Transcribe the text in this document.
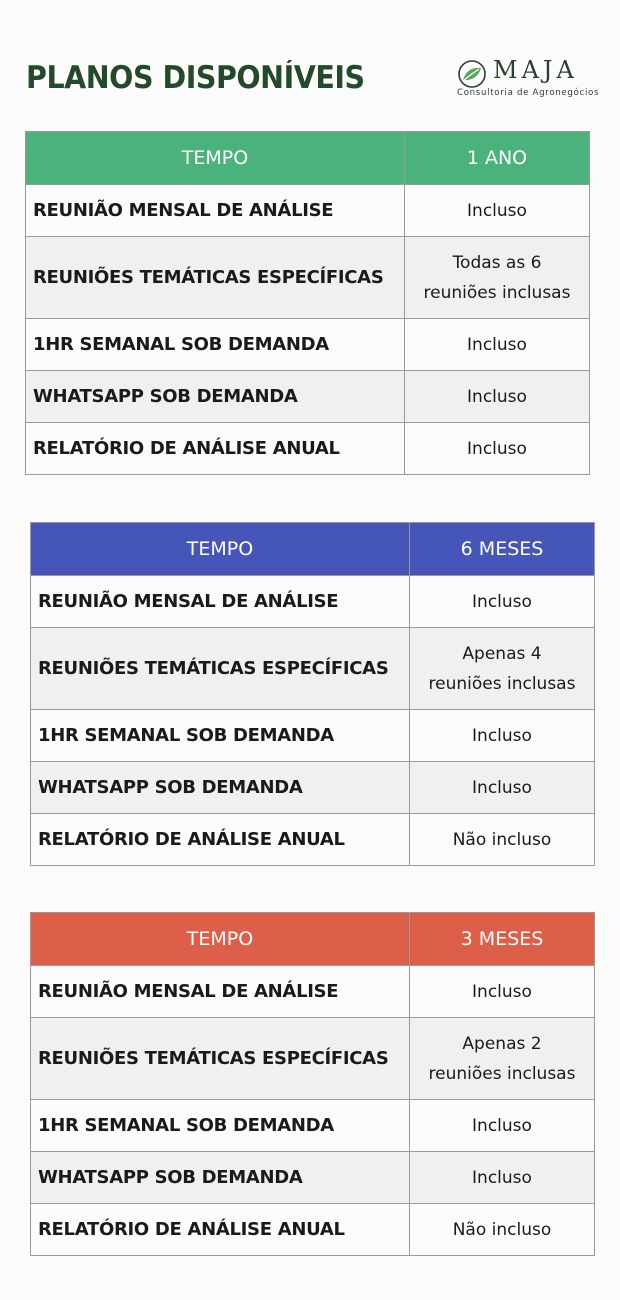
PLANOS DISPONÍVEIS	MAJA
Consultoria de Agronegócios
TEMPO	1 ANO
REUNIÃO MENSAL DE ANÁLISE	Incluso
REUNIÕES TEMÁTICAS ESPECÍFICAS	Todas as 6
reuniões inclusas

1HR SEMANAL SOB DEMANDA	Incluso
WHATSAPP SOB DEMANDA	Incluso
RELATÓRIO DE ANÁLISE ANUAL	Incluso
TEMPO	6 MESES
REUNIÃO MENSAL DE ANÁLISE	Incluso
REUNIÕES TEMÁTICAS ESPECÍFICAS	Apenas 4
reuniões inclusas

1HR SEMANAL SOB DEMANDA	Incluso
WHATSAPP SOB DEMANDA	Incluso
RELATÓRIO DE ANÁLISE ANUAL	Não incluso
TEMPO	3 MESES
REUNIÃO MENSAL DE ANÁLISE	Incluso
REUNIÕES TEMÁTICAS ESPECÍFICAS	Apenas 2
reuniões inclusas

1HR SEMANAL SOB DEMANDA	Incluso
WHATSAPP SOB DEMANDA	Incluso
RELATÓRIO DE ANÁLISE ANUAL	Não incluso
